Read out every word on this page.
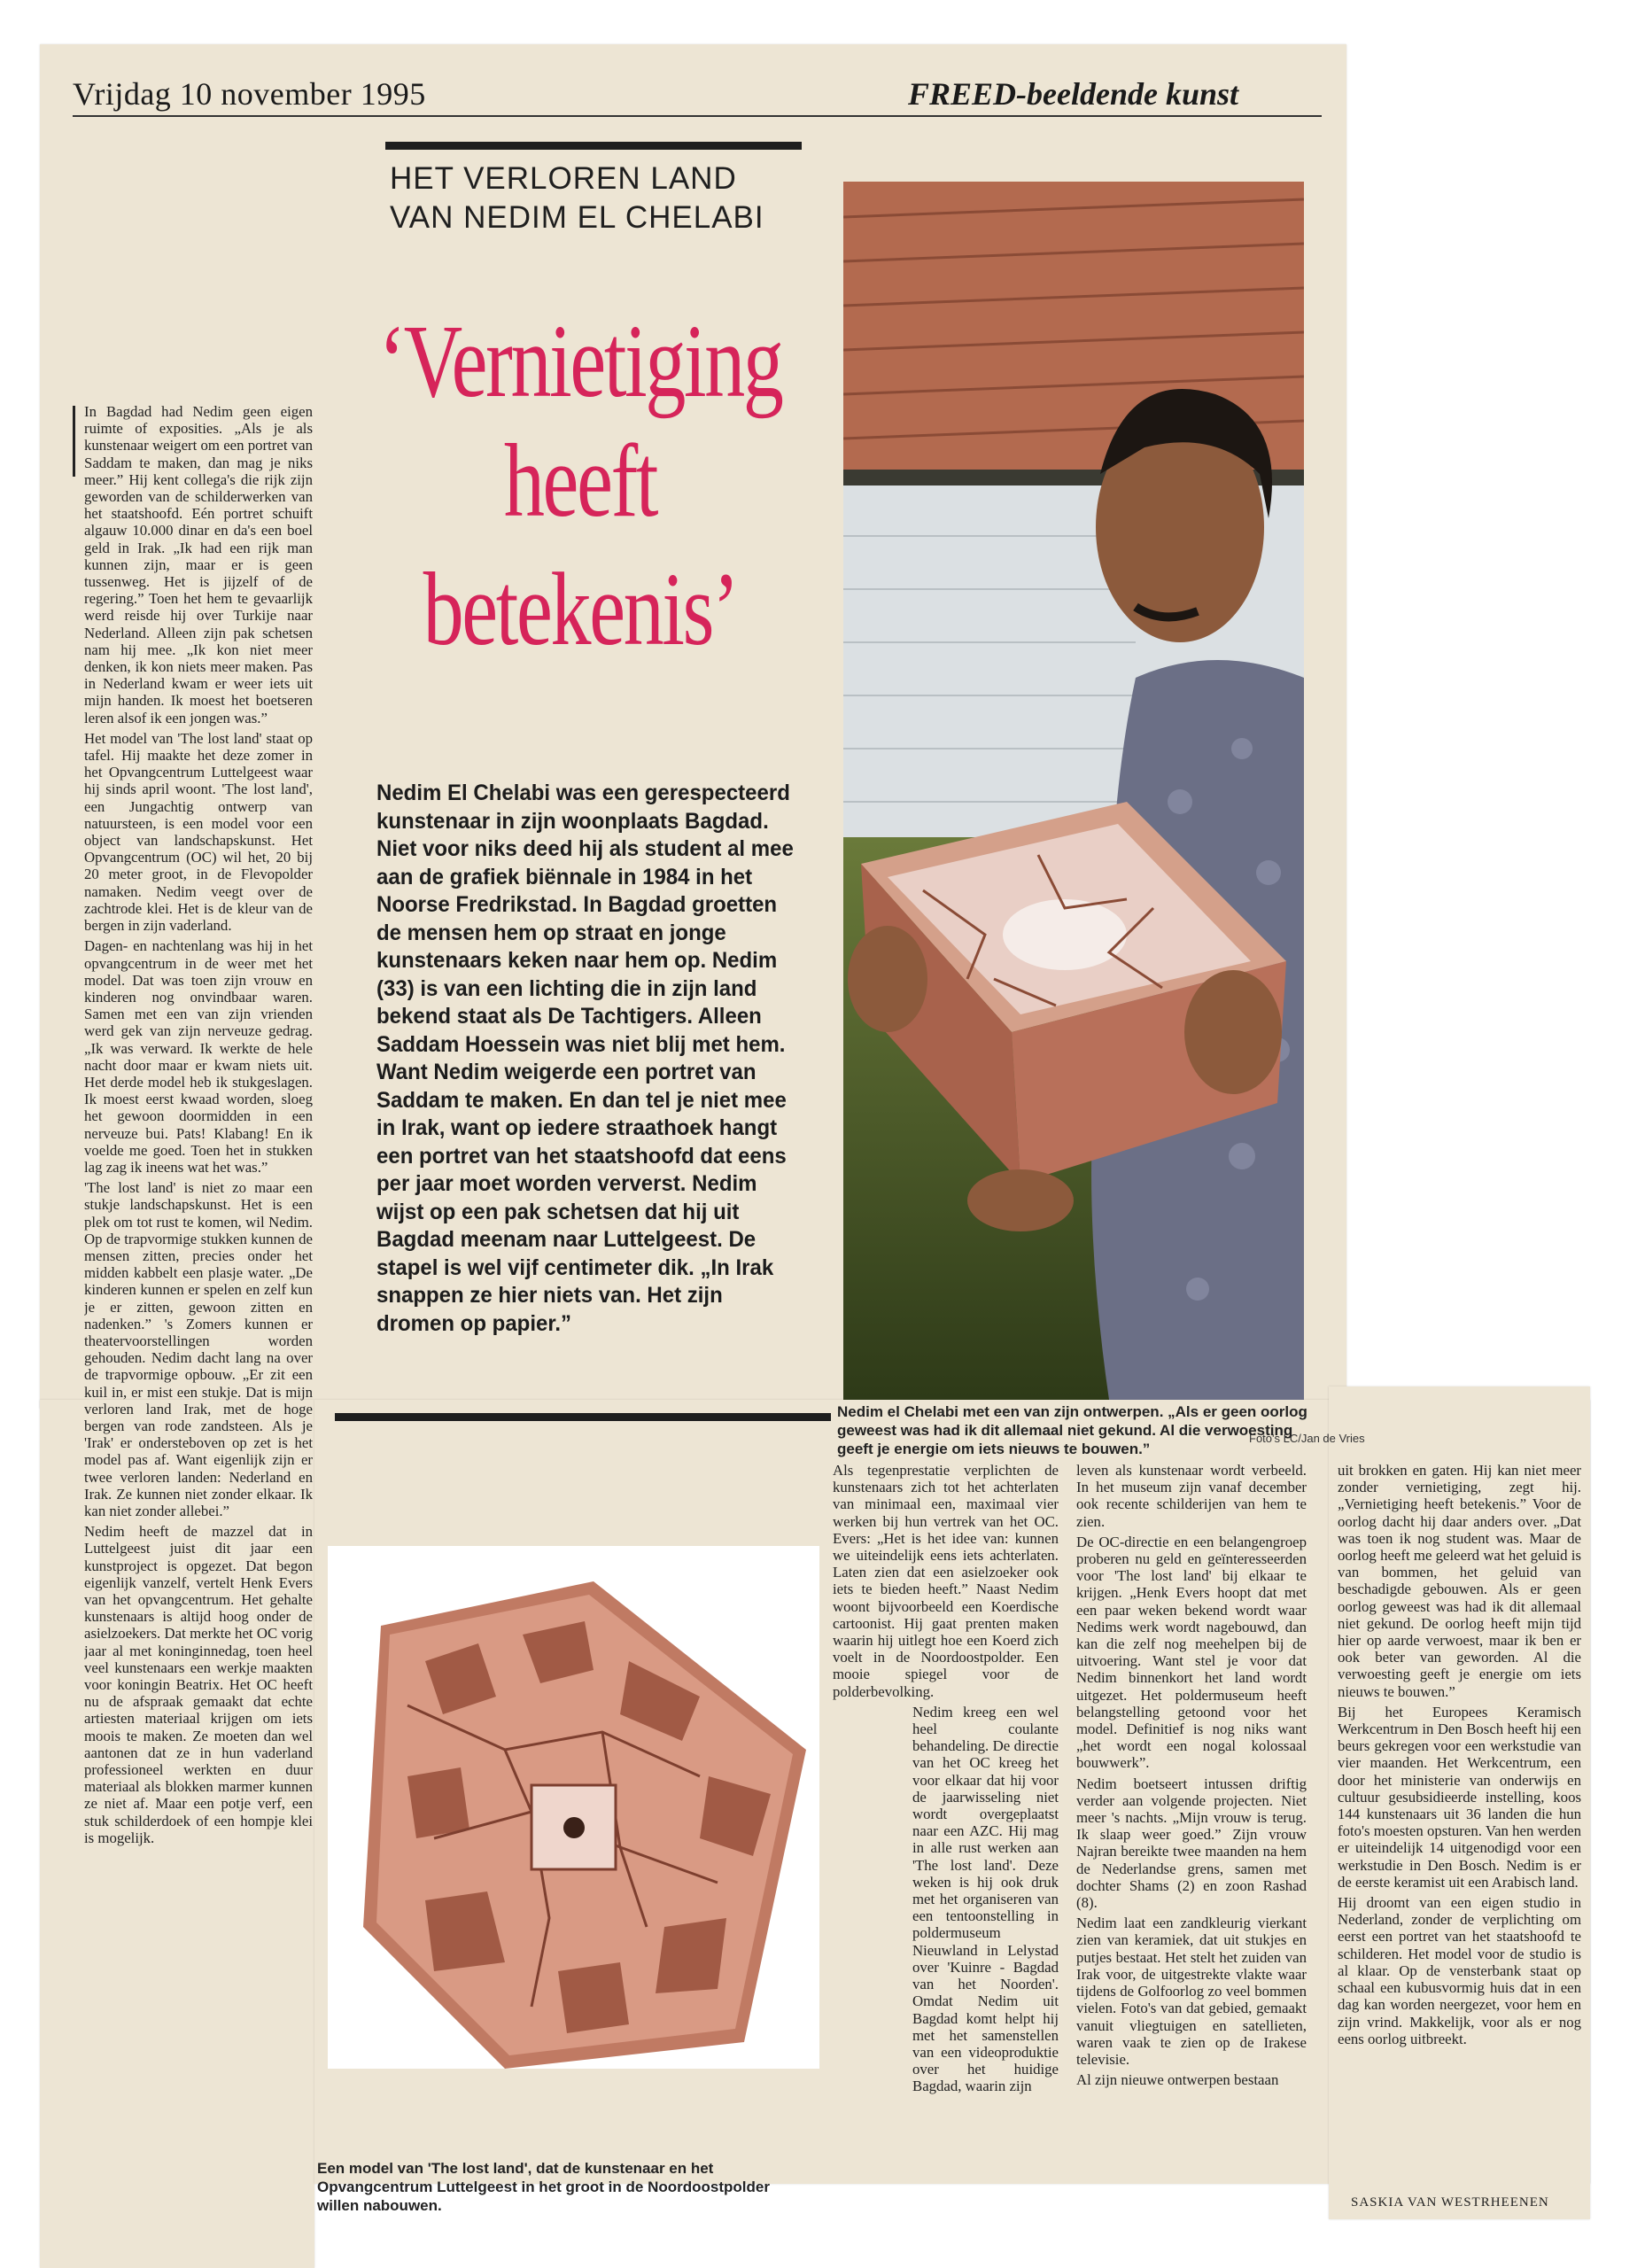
Vrijdag 10 november 1995	FREED-beeldende kunst
HET VERLOREN LAND
VAN NEDIM EL CHELABI
‘Vernietiging
heeft
betekenis’

In Bagdad had Nedim geen eigen ruimte of exposities. „Als je als kunstenaar weigert om een portret van Saddam te maken, dan mag je niks meer.” Hij kent collega's die rijk zijn geworden van de schilderwerken van het staatshoofd. Eén portret schuift algauw 10.000 dinar en da's een boel geld in Irak. „Ik had een rijk man kunnen zijn, maar er is geen tussenweg. Het is jijzelf of de regering.” Toen het hem te gevaarlijk werd reisde hij over Turkije naar Nederland. Alleen zijn pak schetsen nam hij mee. „Ik kon niet meer denken, ik kon niets meer maken. Pas in Nederland kwam er weer iets uit mijn handen. Ik moest het boetseren leren alsof ik een jongen was.”

Het model van 'The lost land' staat op tafel. Hij maakte het deze zomer in het Opvangcentrum Luttelgeest waar hij sinds april woont. 'The lost land', een Jungachtig ontwerp van natuursteen, is een model voor een object van landschapskunst. Het Opvangcentrum (OC) wil het, 20 bij 20 meter groot, in de Flevopolder namaken. Nedim veegt over de zachtrode klei. Het is de kleur van de bergen in zijn vaderland.

Dagen- en nachtenlang was hij in het opvangcentrum in de weer met het model. Dat was toen zijn vrouw en kinderen nog onvindbaar waren. Samen met een van zijn vrienden werd gek van zijn nerveuze gedrag. „Ik was verward. Ik werkte de hele nacht door maar er kwam niets uit. Het derde model heb ik stukgeslagen. Ik moest eerst kwaad worden, sloeg het gewoon doormidden in een nerveuze bui. Pats! Klabang! En ik voelde me goed. Toen het in stukken lag zag ik ineens wat het was.”

'The lost land' is niet zo maar een stukje landschapskunst. Het is een plek om tot rust te komen, wil Nedim. Op de trapvormige stukken kunnen de mensen zitten, precies onder het midden kabbelt een plasje water. „De kinderen kunnen er spelen en zelf kun je er zitten, gewoon zitten en nadenken.” 's Zomers kunnen er theatervoorstellingen worden gehouden. Nedim dacht lang na over de trapvormige opbouw. „Er zit een kuil in, er mist een stukje. Dat is mijn verloren land Irak, met de hoge bergen van rode zandsteen. Als je 'Irak' er ondersteboven op zet is het model pas af. Want eigenlijk zijn er twee verloren landen: Nederland en Irak. Ze kunnen niet zonder elkaar. Ik kan niet zonder allebei.”

Nedim heeft de mazzel dat in Luttelgeest juist dit jaar een kunstproject is opgezet. Dat begon eigenlijk vanzelf, vertelt Henk Evers van het opvangcentrum. Het gehalte kunstenaars is altijd hoog onder de asielzoekers. Dat merkte het OC vorig jaar al met koninginnedag, toen heel veel kunstenaars een werkje maakten voor koningin Beatrix. Het OC heeft nu de afspraak gemaakt dat echte artiesten materiaal krijgen om iets moois te maken. Ze moeten dan wel aantonen dat ze in hun vaderland professioneel werkten en duur materiaal als blokken marmer kunnen ze niet af. Maar een potje verf, een stuk schilderdoek of een hompje klei is mogelijk.

Nedim El Chelabi was een gerespecteerd kunstenaar in zijn woonplaats Bagdad. Niet voor niks deed hij als student al mee aan de grafiek biënnale in 1984 in het Noorse Fredrikstad. In Bagdad groetten de mensen hem op straat en jonge kunstenaars keken naar hem op. Nedim (33) is van een lichting die in zijn land bekend staat als De Tachtigers. Alleen Saddam Hoessein was niet blij met hem. Want Nedim weigerde een portret van Saddam te maken. En dan tel je niet mee in Irak, want op iedere straathoek hangt een portret van het staatshoofd dat eens per jaar moet worden ververst. Nedim wijst op een pak schetsen dat hij uit Bagdad meenam naar Luttelgeest. De stapel is wel vijf centimeter dik. „In Irak snappen ze hier niets van. Het zijn dromen op papier.”
Nedim el Chelabi met een van zijn ontwerpen. „Als er geen oorlog geweest was had ik dit allemaal niet gekund. Al die verwoesting geeft je energie om iets nieuws te bouwen.”
Foto's LC/Jan de Vries
Een model van 'The lost land', dat de kunstenaar en het Opvangcentrum Luttelgeest in het groot in de Noordoostpolder willen nabouwen.

Als tegenprestatie verplichten de kunstenaars zich tot het achterlaten van minimaal een, maximaal vier werken bij hun vertrek van het OC. Evers: „Het is het idee van: kunnen we uiteindelijk eens iets achterlaten. Laten zien dat een asielzoeker ook iets te bieden heeft.” Naast Nedim woont bijvoorbeeld een Koerdische cartoonist. Hij gaat prenten maken waarin hij uitlegt hoe een Koerd zich voelt in de Noordoostpolder. Een mooie spiegel voor de polderbevolking.

Nedim kreeg een wel heel coulante behandeling. De directie van het OC kreeg het voor elkaar dat hij voor de jaarwisseling niet wordt overgeplaatst naar een AZC. Hij mag in alle rust werken aan 'The lost land'. Deze weken is hij ook druk met het organiseren van een tentoonstelling in poldermuseum Nieuwland in Lelystad over 'Kuinre - Bagdad van het Noorden'. Omdat Nedim uit Bagdad komt helpt hij met het samenstellen van een videoproduktie over het huidige Bagdad, waarin zijn

leven als kunstenaar wordt verbeeld. In het museum zijn vanaf december ook recente schilderijen van hem te zien.

De OC-directie en een belangengroep proberen nu geld en geïnteresseerden voor 'The lost land' bij elkaar te krijgen. „Henk Evers hoopt dat met een paar weken bekend wordt waar Nedims werk wordt nagebouwd, dan kan die zelf nog meehelpen bij de uitvoering. Want stel je voor dat Nedim binnenkort het land wordt uitgezet. Het poldermuseum heeft belangstelling getoond voor het model. Definitief is nog niks want „het wordt een nogal kolossaal bouwwerk”.

Nedim boetseert intussen driftig verder aan volgende projecten. Niet meer 's nachts. „Mijn vrouw is terug. Ik slaap weer goed.” Zijn vrouw Najran bereikte twee maanden na hem de Nederlandse grens, samen met dochter Shams (2) en zoon Rashad (8).

Nedim laat een zandkleurig vierkant zien van keramiek, dat uit stukjes en putjes bestaat. Het stelt het zuiden van Irak voor, de uitgestrekte vlakte waar tijdens de Golfoorlog zo veel bommen vielen. Foto's van dat gebied, gemaakt vanuit vliegtuigen en satellieten, waren vaak te zien op de Irakese televisie.

Al zijn nieuwe ontwerpen bestaan

uit brokken en gaten. Hij kan niet meer zonder vernietiging, zegt hij. „Vernietiging heeft betekenis.” Voor de oorlog dacht hij daar anders over. „Dat was toen ik nog student was. Maar de oorlog heeft me geleerd wat het geluid is van bommen, het geluid van beschadigde gebouwen. Als er geen oorlog geweest was had ik dit allemaal niet gekund. De oorlog heeft mijn tijd hier op aarde verwoest, maar ik ben er ook beter van geworden. Al die verwoesting geeft je energie om iets nieuws te bouwen.”

Bij het Europees Keramisch Werkcentrum in Den Bosch heeft hij een beurs gekregen voor een werkstudie van vier maanden. Het Werkcentrum, een door het ministerie van onderwijs en cultuur gesubsidieerde instelling, koos 144 kunstenaars uit 36 landen die hun foto's moesten opsturen. Van hen werden er uiteindelijk 14 uitgenodigd voor een werkstudie in Den Bosch. Nedim is er de eerste keramist uit een Arabisch land.

Hij droomt van een eigen studio in Nederland, zonder de verplichting om eerst een portret van het staatshoofd te schilderen. Het model voor de studio is al klaar. Op de vensterbank staat op schaal een kubusvormig huis dat in een dag kan worden neergezet, voor hem en zijn vrind. Makkelijk, voor als er nog eens oorlog uitbreekt.

SASKIA VAN WESTRHEENEN
